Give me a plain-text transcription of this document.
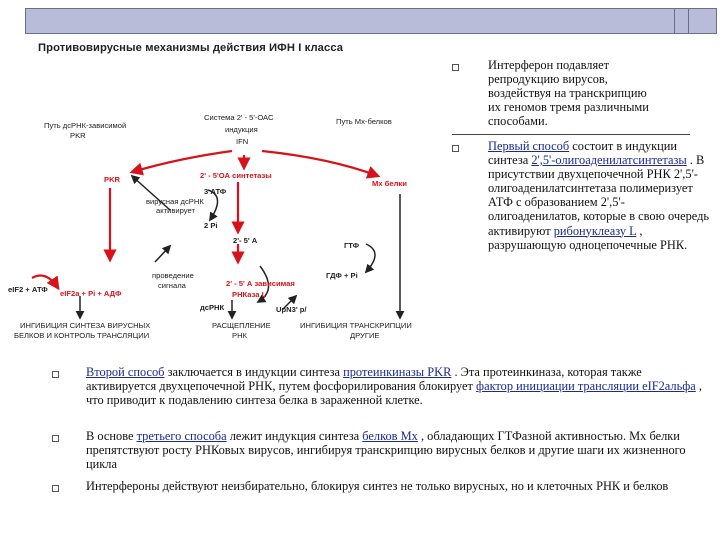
Противовирусные механизмы действия ИФН I класса
Путь дсРНК-зависимой
PKR
Система 2' - 5'-ОАС
индукция
IFN
Путь Мх-белков
PKR	2' - 5'ОА синтетазы
Мх белки
3 АТФ
вирусная дсРНК
активирует
2 Pi
2'- 5' А
ГТФ
ГДФ + Pi
eIF2 + АТФ eIF2a + Pi + АДФ
проведение
сигнала	2' - 5' А зависимая
РНКаза L
дсРНК	UpN3' p/
ИНГИБИЦИЯ СИНТЕЗА ВИРУСНЫХ
БЕЛКОВ И КОНТРОЛЬ ТРАНСЛЯЦИИ
РАСЩЕПЛЕНИЕ
РНК
ИНГИБИЦИЯ ТРАНСКРИПЦИИ
ДРУГИЕ
Интерферон подавляет
репродукцию вирусов,
воздействуя на транскрипцию
их геномов тремя различными
способами.
Первый способ состоит в индукции синтеза 2',5'-олигоаденилатсинтетазы . В присутствии двухцепочечной РНК 2',5'-олигоаденилатсинтетаза полимеризует АТФ с образованием 2',5'-олигоаденилатов, которые в свою очередь активируют рибонуклеазу L , разрушающую одноцепочечные РНК.
Второй способ заключается в индукции синтеза протеинкиназы PKR . Эта протеинкиназа, которая также активируется двухцепочечной РНК, путем фосфорилирования блокирует фактор инициации трансляции eIF2альфа , что приводит к подавлению синтеза белка в зараженной клетке.
В основе третьего способа лежит индукция синтеза белков Mx , обладающих ГТФазной активностью. Mx белки препятствуют росту РНКовых вирусов, ингибируя транскрипцию вирусных белков и другие шаги их жизненного цикла
Интерфероны действуют неизбирательно, блокируя синтез не только вирусных, но и клеточных РНК и белков
